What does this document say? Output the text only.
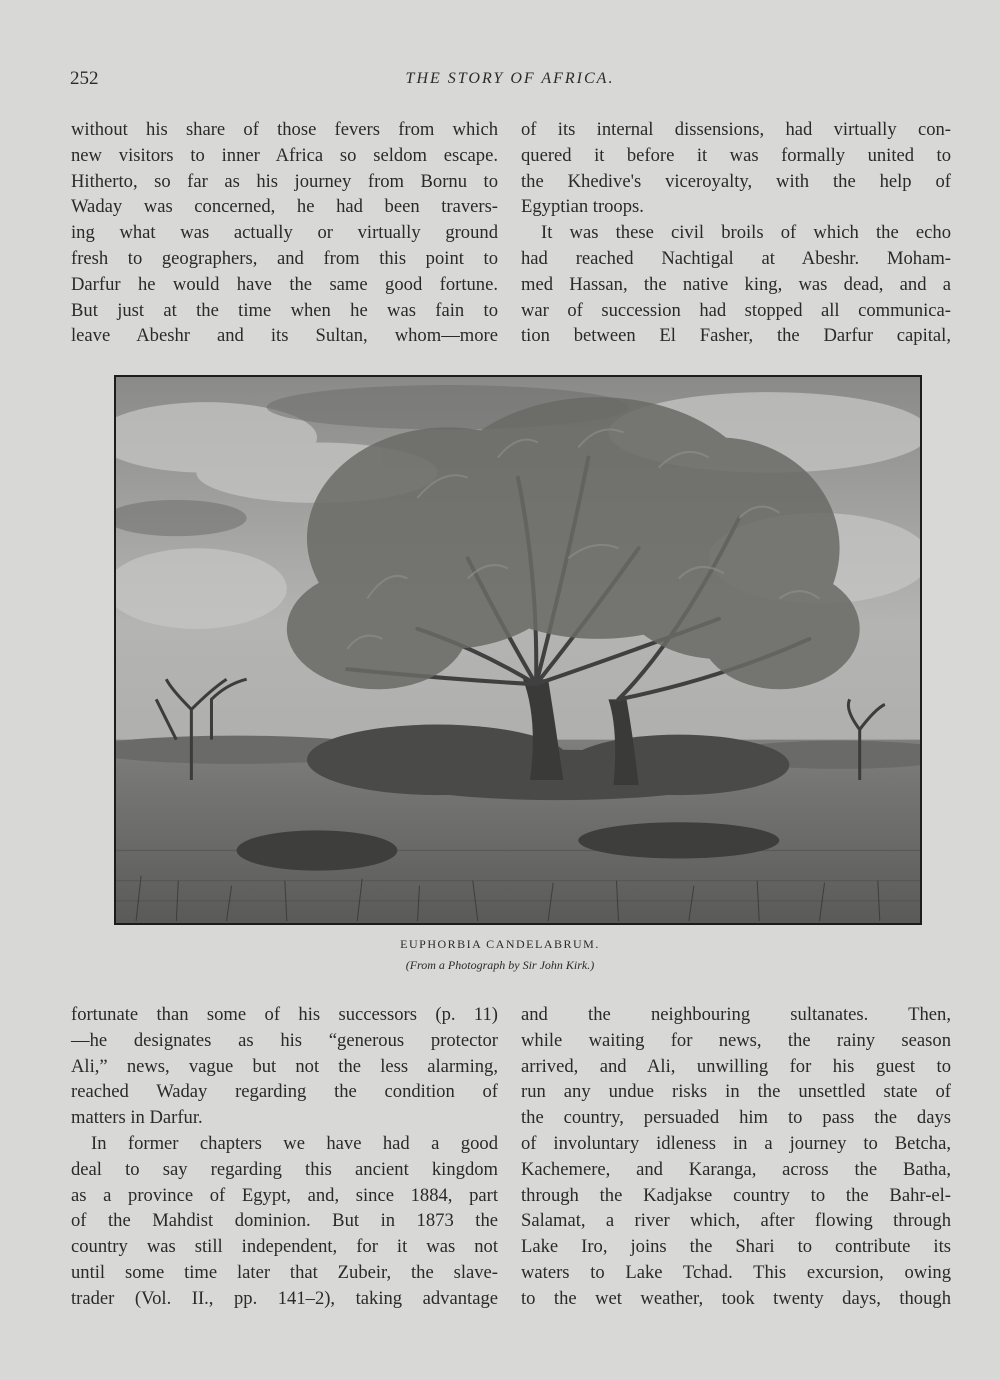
252	THE STORY OF AFRICA.

without his share of those fevers from which
new visitors to inner Africa so seldom escape.
Hitherto, so far as his journey from Bornu to
Waday was concerned, he had been travers-
ing what was actually or virtually ground
fresh to geographers, and from this point to
Darfur he would have the same good fortune.
But just at the time when he was fain to
leave Abeshr and its Sultan, whom—more

of its internal dissensions, had virtually con-
quered it before it was formally united to
the Khedive's viceroyalty, with the help of
Egyptian troops.

It was these civil broils of which the echo
had reached Nachtigal at Abeshr. Moham-
med Hassan, the native king, was dead, and a
war of succession had stopped all communica-
tion between El Fasher, the Darfur capital,

EUPHORBIA CANDELABRUM.
(From a Photograph by Sir John Kirk.)

fortunate than some of his successors (p. 11)
—he designates as his “generous protector
Ali,” news, vague but not the less alarming,
reached Waday regarding the condition of
matters in Darfur.

In former chapters we have had a good
deal to say regarding this ancient kingdom
as a province of Egypt, and, since 1884, part
of the Mahdist dominion. But in 1873 the
country was still independent, for it was not
until some time later that Zubeir, the slave-
trader (Vol. II., pp. 141–2), taking advantage

and the neighbouring sultanates. Then,
while waiting for news, the rainy season
arrived, and Ali, unwilling for his guest to
run any undue risks in the unsettled state of
the country, persuaded him to pass the days
of involuntary idleness in a journey to Betcha,
Kachemere, and Karanga, across the Batha,
through the Kadjakse country to the Bahr-el-
Salamat, a river which, after flowing through
Lake Iro, joins the Shari to contribute its
waters to Lake Tchad. This excursion, owing
to the wet weather, took twenty days, though
